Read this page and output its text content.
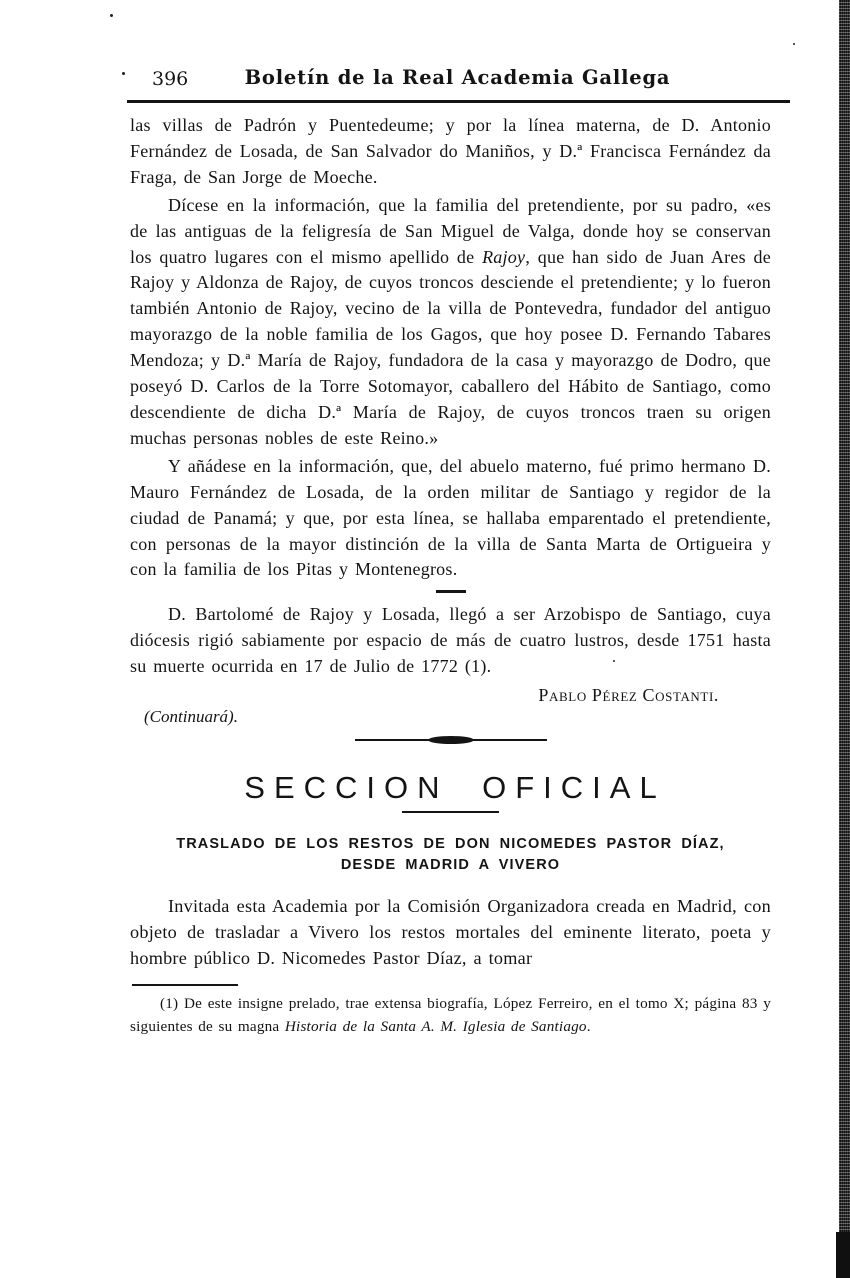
396	Boletín de la Real Academia Gallega

las villas de Padrón y Puentedeume; y por la línea materna, de D. Antonio Fernández de Losada, de San Salvador do Maniños, y D.ª Francisca Fernández da Fraga, de San Jorge de Moeche.

Dícese en la información, que la familia del pretendiente, por su padro, «es de las antiguas de la feligresía de San Miguel de Valga, donde hoy se conservan los quatro lugares con el mismo apellido de Rajoy, que han sido de Juan Ares de Rajoy y Aldonza de Rajoy, de cuyos troncos desciende el pretendiente; y lo fueron también Antonio de Rajoy, vecino de la villa de Pontevedra, fundador del antiguo mayorazgo de la noble familia de los Gagos, que hoy posee D. Fernando Tabares Mendoza; y D.ª María de Rajoy, fundadora de la casa y mayorazgo de Dodro, que poseyó D. Carlos de la Torre Sotomayor, caballero del Hábito de Santiago, como descendiente de dicha D.ª María de Rajoy, de cuyos troncos traen su origen muchas personas nobles de este Reino.»

Y añádese en la información, que, del abuelo materno, fué primo hermano D. Mauro Fernández de Losada, de la orden militar de Santiago y regidor de la ciudad de Panamá; y que, por esta línea, se hallaba emparentado el pretendiente, con personas de la mayor distinción de la villa de Santa Marta de Ortigueira y con la familia de los Pitas y Montenegros.

D. Bartolomé de Rajoy y Losada, llegó a ser Arzobispo de Santiago, cuya diócesis rigió sabiamente por espacio de más de cuatro lustros, desde 1751 hasta su muerte ocurrida en 17 de Julio de 1772 (1).

Pablo Pérez Costanti.

(Continuará).

SECCION OFICIAL
TRASLADO DE LOS RESTOS DE DON NICOMEDES PASTOR DÍAZ,
DESDE MADRID A VIVERO

Invitada esta Academia por la Comisión Organizadora creada en Madrid, con objeto de trasladar a Vivero los restos mortales del eminente literato, poeta y hombre público D. Nicomedes Pastor Díaz, a tomar

(1) De este insigne prelado, trae extensa biografía, López Ferreiro, en el tomo X; página 83 y siguientes de su magna Historia de la Santa A. M. Iglesia de Santiago.
